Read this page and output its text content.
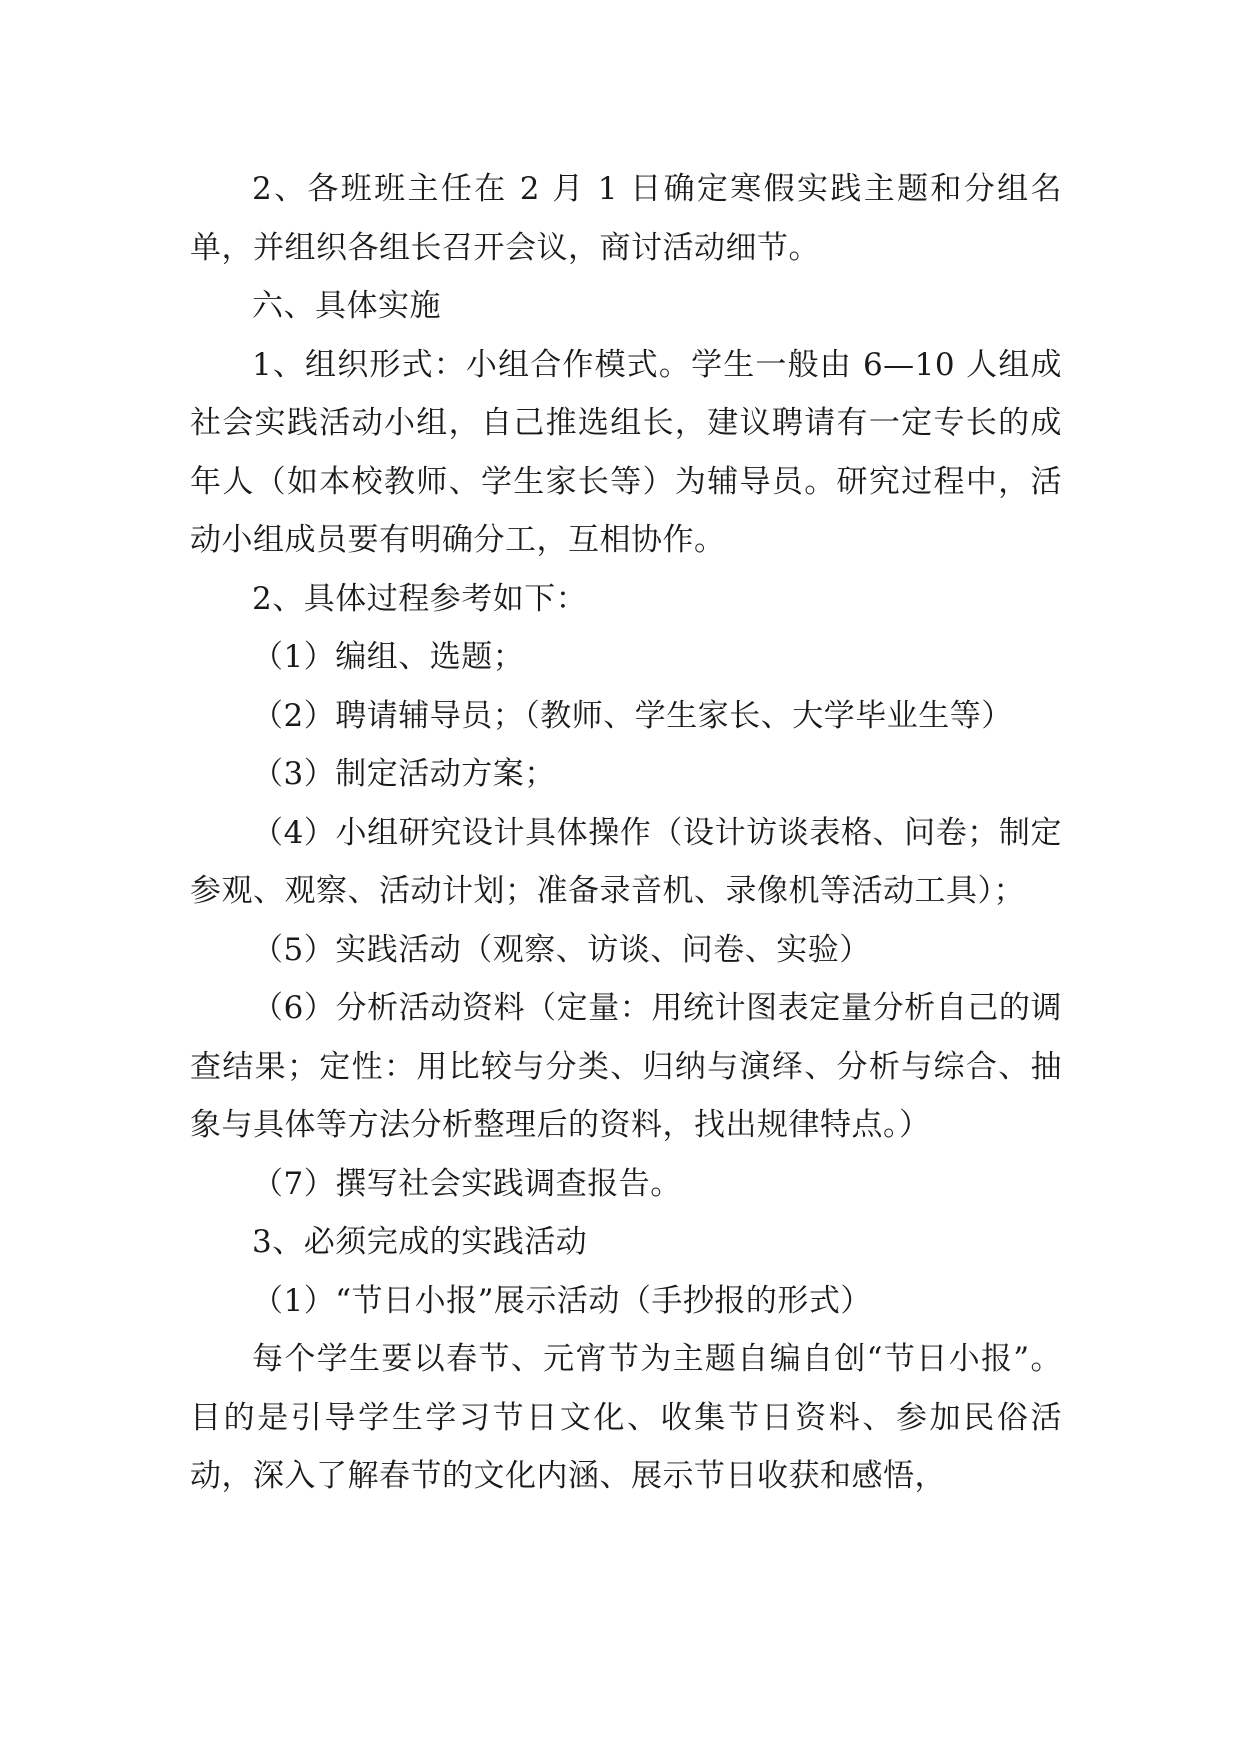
2、各班班主任在 2 月 1 日确定寒假实践主题和分组名单，并组织各组长召开会议，商讨活动细节。

六、具体实施

1、组织形式：小组合作模式。学生一般由 6—10 人组成社会实践活动小组，自己推选组长，建议聘请有一定专长的成年人（如本校教师、学生家长等）为辅导员。研究过程中，活动小组成员要有明确分工，互相协作。

2、具体过程参考如下：

（1）编组、选题；

（2）聘请辅导员；（教师、学生家长、大学毕业生等）

（3）制定活动方案；

（4）小组研究设计具体操作（设计访谈表格、问卷；制定参观、观察、活动计划；准备录音机、录像机等活动工具）；

（5）实践活动（观察、访谈、问卷、实验）

（6）分析活动资料（定量：用统计图表定量分析自己的调查结果；定性：用比较与分类、归纳与演绎、分析与综合、抽象与具体等方法分析整理后的资料，找出规律特点。）

（7）撰写社会实践调查报告。

3、必须完成的实践活动

（1）“节日小报”展示活动（手抄报的形式）

每个学生要以春节、元宵节为主题自编自创“节日小报”。目的是引导学生学习节日文化、收集节日资料、参加民俗活动，深入了解春节的文化内涵、展示节日收获和感悟，
